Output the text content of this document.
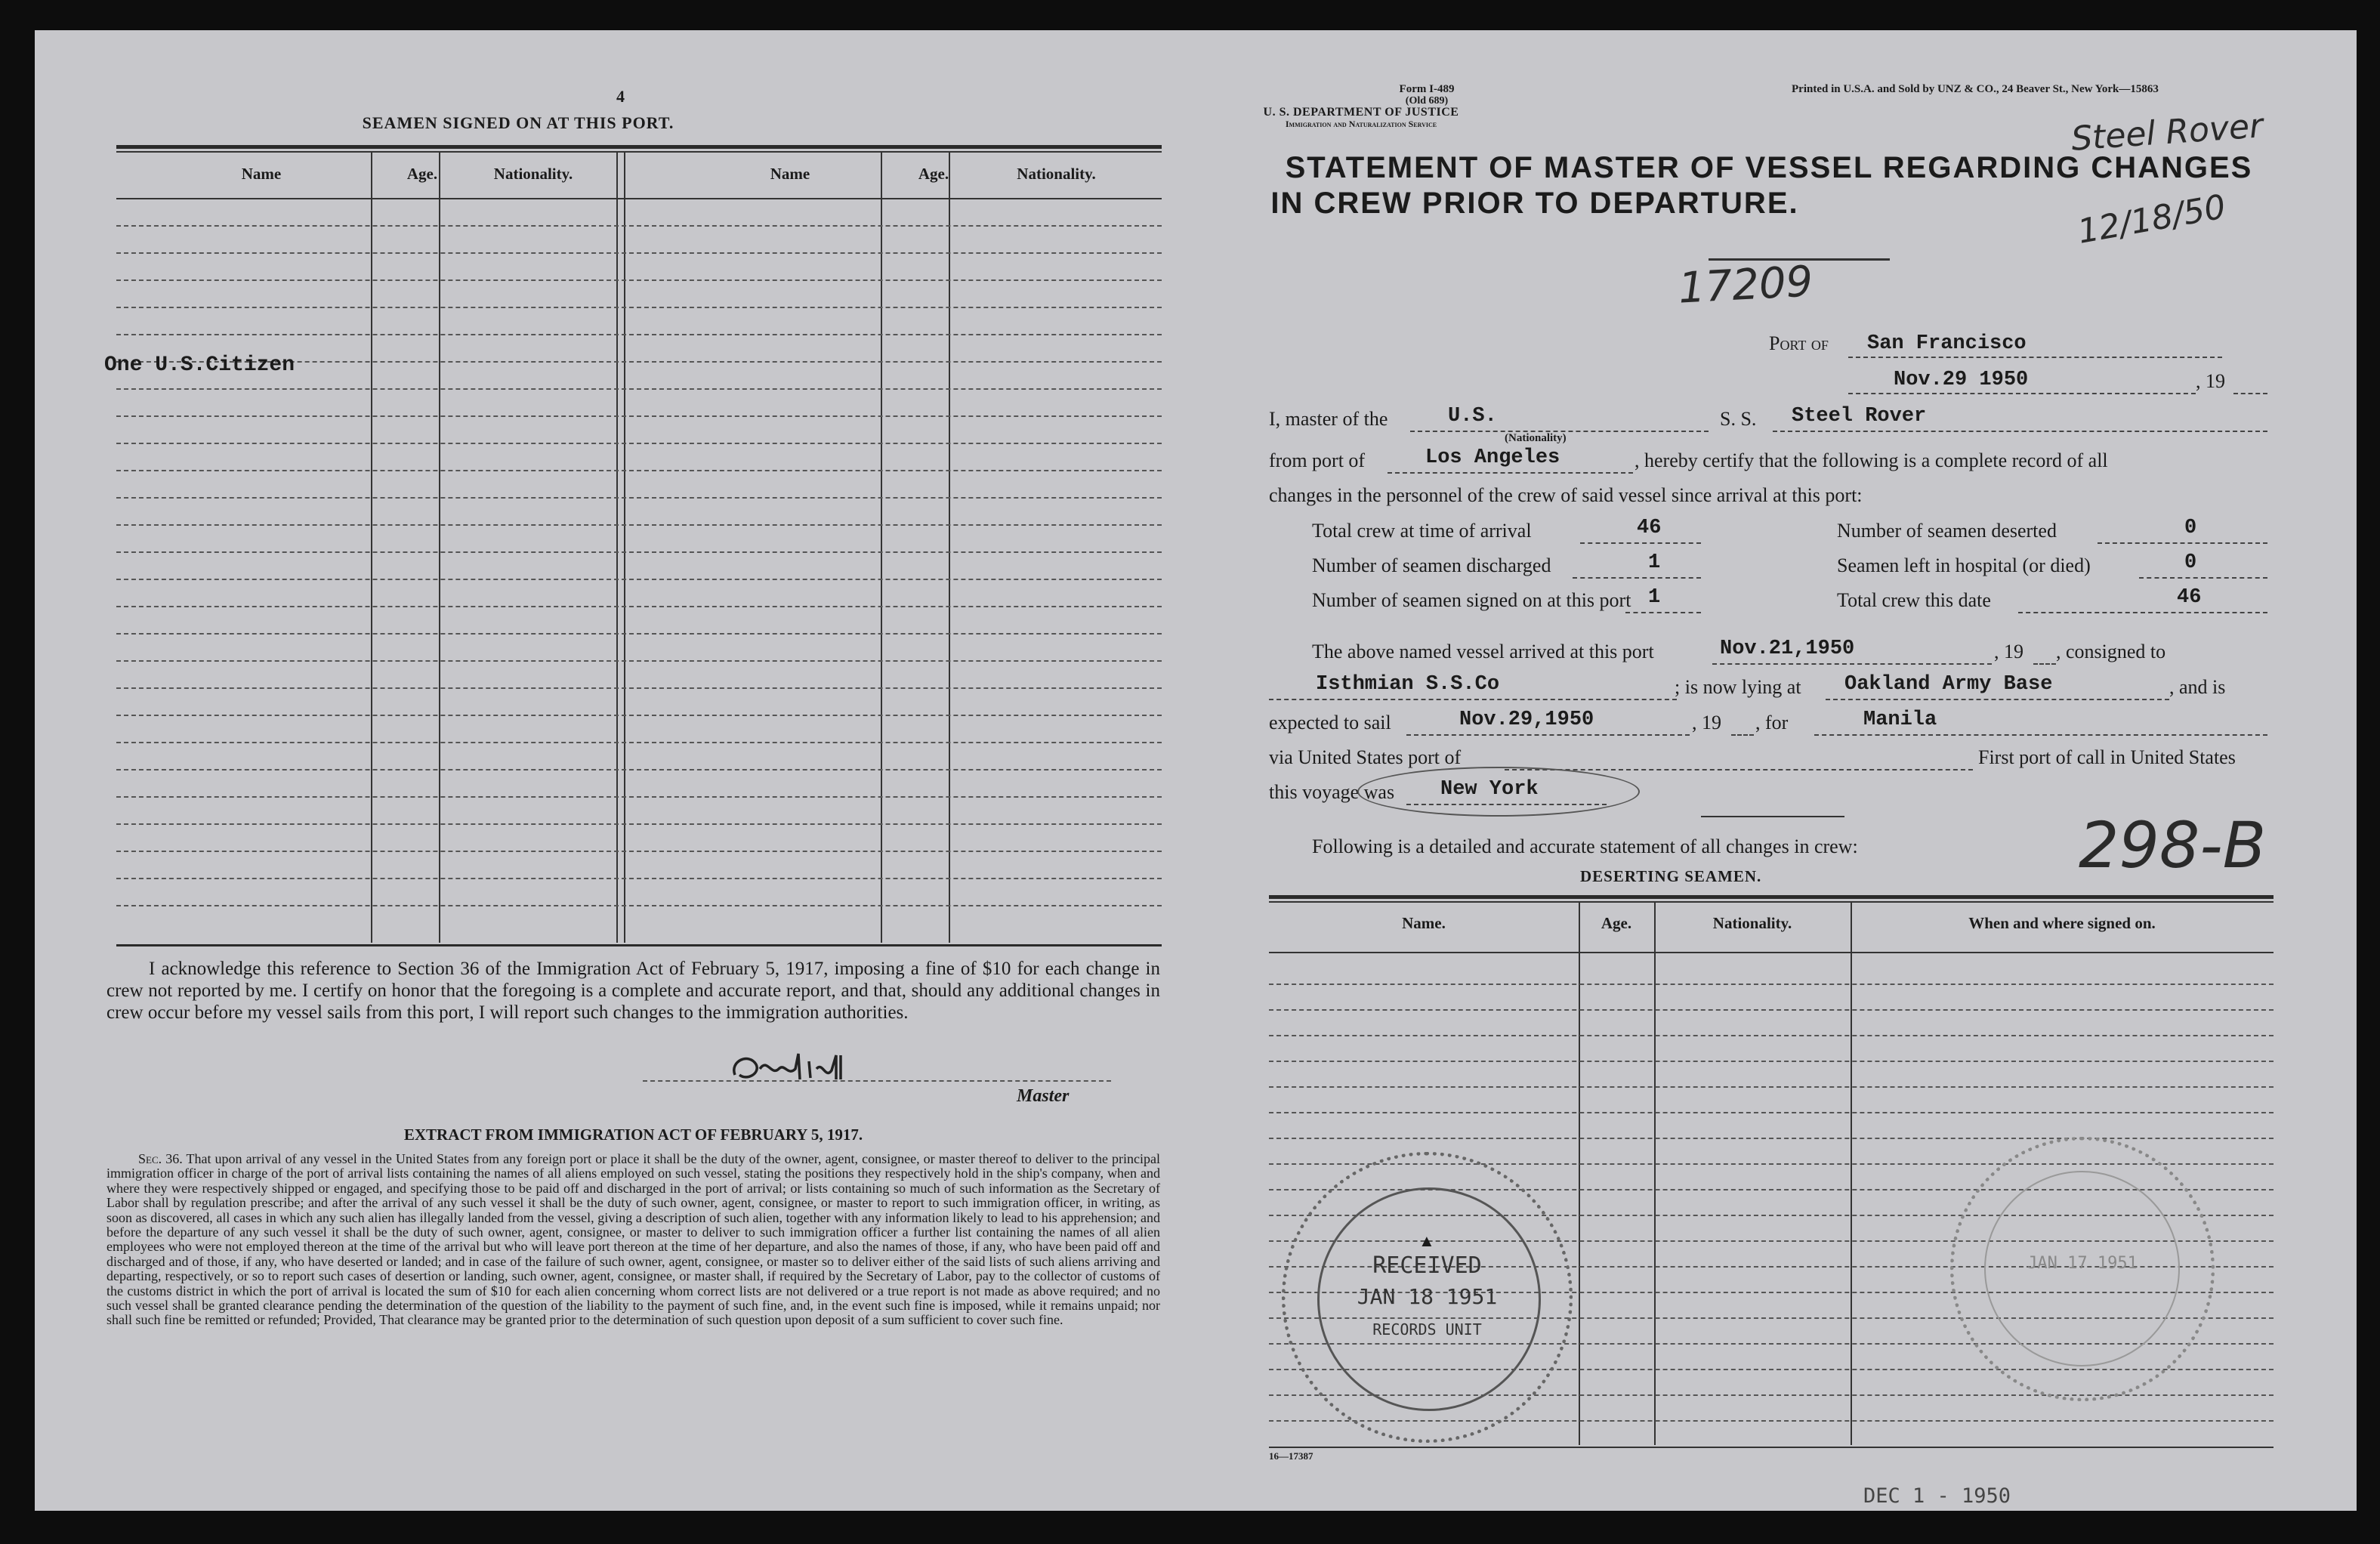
4
SEAMEN SIGNED ON AT THIS PORT.
Name	Age.	Nationality.	Name	Age.	Nationality.
One U.S.Citizen
I acknowledge this reference to Section 36 of the Immigration Act of February 5, 1917, imposing a fine of $10 for each change in crew not reported by me. I certify on honor that the foregoing is a complete and accurate report, and that, should any additional changes in crew occur before my vessel sails from this port, I will report such changes to the immigration authorities.
Master
EXTRACT FROM IMMIGRATION ACT OF FEBRUARY 5, 1917.
Sec. 36. That upon arrival of any vessel in the United States from any foreign port or place it shall be the duty of the owner, agent, consignee, or master thereof to deliver to the principal immigration officer in charge of the port of arrival lists containing the names of all aliens employed on such vessel, stating the positions they respectively hold in the ship's company, when and where they were respectively shipped or engaged, and specifying those to be paid off and discharged in the port of arrival; or lists containing so much of such information as the Secretary of Labor shall by regulation prescribe; and after the arrival of any such vessel it shall be the duty of such owner, agent, consignee, or master to report to such immigration officer, in writing, as soon as discovered, all cases in which any such alien has illegally landed from the vessel, giving a description of such alien, together with any information likely to lead to his apprehension; and before the departure of any such vessel it shall be the duty of such owner, agent, consignee, or master to deliver to such immigration officer a further list containing the names of all alien employees who were not employed thereon at the time of the arrival but who will leave port thereon at the time of her departure, and also the names of those, if any, who have been paid off and discharged and of those, if any, who have deserted or landed; and in case of the failure of such owner, agent, consignee, or master so to deliver either of the said lists of such aliens arriving and departing, respectively, or so to report such cases of desertion or landing, such owner, agent, consignee, or master shall, if required by the Secretary of Labor, pay to the collector of customs of the customs district in which the port of arrival is located the sum of $10 for each alien concerning whom correct lists are not delivered or a true report is not made as above required; and no such vessel shall be granted clearance pending the determination of the question of the liability to the payment of such fine, and, in the event such fine is imposed, while it remains unpaid; nor shall such fine be remitted or refunded; Provided, That clearance may be granted prior to the determination of such question upon deposit of a sum sufficient to cover such fine.
Form I-489
(Old 689)
U. S. DEPARTMENT OF JUSTICE
Immigration and Naturalization Service
Printed in U.S.A. and Sold by UNZ & CO., 24 Beaver St., New York—15863
Steel Rover
STATEMENT OF MASTER OF VESSEL REGARDING CHANGES
IN CREW PRIOR TO DEPARTURE.	12/18/50
17209
Port of San Francisco
Nov.29 1950	, 19
I, master of the	U.S.
(Nationality)
S. S. Steel Rover
from port of	Los Angeles	, hereby certify that the following is a complete record of all
changes in the personnel of the crew of said vessel since arrival at this port:
Total crew at time of arrival	46	Number of seamen deserted	0
Number of seamen discharged	1	Seamen left in hospital (or died)	0
Number of seamen signed on at this port 1	Total crew this date	46
The above named vessel arrived at this port	Nov.21,1950	, 19 , consigned to
Isthmian S.S.Co	; is now lying at Oakland Army Base	, and is
expected to sail	Nov.29,1950	, 19 , for	Manila
via United States port of	First port of call in United States
this voyage was New York
Following is a detailed and accurate statement of all changes in crew:	298-B
DESERTING SEAMEN.
Name.	Age.	Nationality.	When and where signed on.
16—17387
DEC 1 - 1950
▲
RECEIVED
JAN 18 1951
RECORDS UNIT
JAN 17 1951
